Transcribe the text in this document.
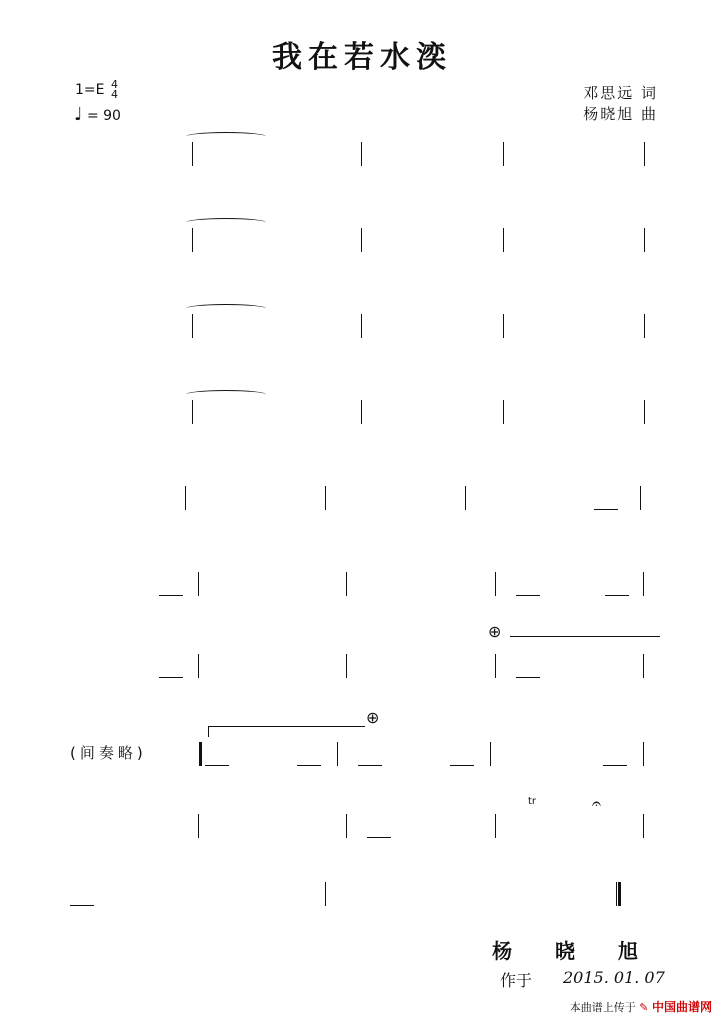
我在若水湙
1=E 4
4
♩ = 90
邓思远 词
杨晓旭 曲
(间奏略)
⊕
⊕
tr	𝄐
杨 晓 旭
作于 2015. 01. 07
本曲谱上传于 ✎ 中国曲谱网
